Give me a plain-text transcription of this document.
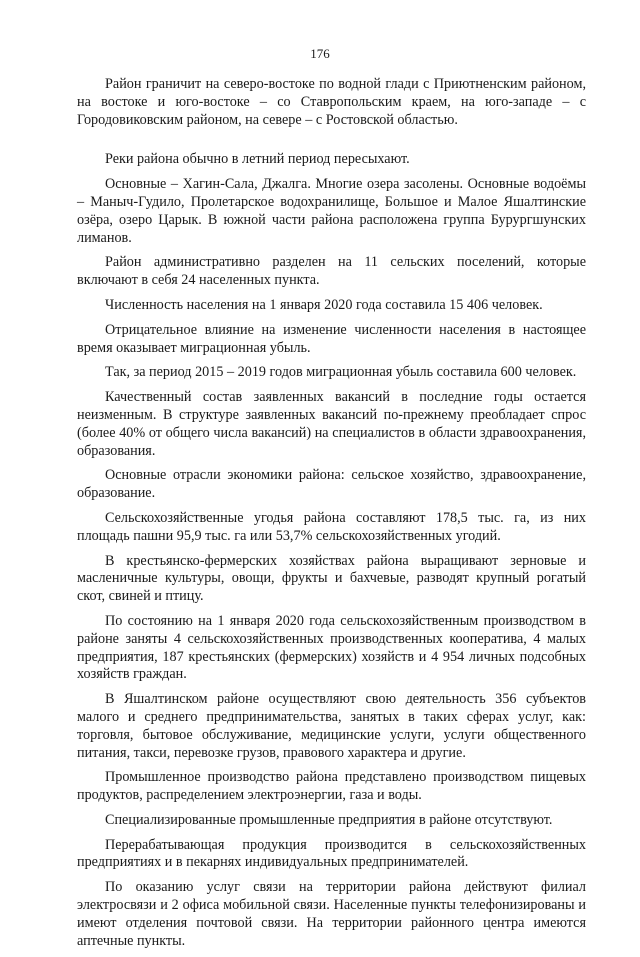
176

Район граничит на северо-востоке по водной глади с Приютненским районом, на востоке и юго-востоке – со Ставропольским краем, на юго-западе – с Городовиковским районом, на севере – с Ростовской областью.

Реки района обычно в летний период пересыхают.

Основные – Хагин-Сала, Джалга. Многие озера засолены. Основные водоёмы – Маныч-Гудило, Пролетарское водохранилище, Большое и Малое Яшалтинские озёра, озеро Царык. В южной части района расположена группа Бурургшунских лиманов.

Район административно разделен на 11 сельских поселений, которые включают в себя 24 населенных пункта.

Численность населения на 1 января 2020 года составила 15 406 человек.

Отрицательное влияние на изменение численности населения в настоящее время оказывает миграционная убыль.

Так, за период 2015 – 2019 годов миграционная убыль составила 600 человек.

Качественный состав заявленных вакансий в последние годы остается неизменным. В структуре заявленных вакансий по-прежнему преобладает спрос (более 40% от общего числа вакансий) на специалистов в области здравоохранения, образования.

Основные отрасли экономики района: сельское хозяйство, здравоохранение, образование.

Сельскохозяйственные угодья района составляют 178,5 тыс. га, из них площадь пашни 95,9 тыс. га или 53,7% сельскохозяйственных угодий.

В крестьянско-фермерских хозяйствах района выращивают зерновые и масленичные культуры, овощи, фрукты и бахчевые, разводят крупный рогатый скот, свиней и птицу.

По состоянию на 1 января 2020 года сельскохозяйственным производством в районе заняты 4 сельскохозяйственных производственных кооператива, 4 малых предприятия, 187 крестьянских (фермерских) хозяйств и 4 954 личных подсобных хозяйств граждан.

В Яшалтинском районе осуществляют свою деятельность 356 субъектов малого и среднего предпринимательства, занятых в таких сферах услуг, как: торговля, бытовое обслуживание, медицинские услуги, услуги общественного питания, такси, перевозке грузов, правового характера и другие.

Промышленное производство района представлено производством пищевых продуктов, распределением электроэнергии, газа и воды.

Специализированные промышленные предприятия в районе отсутствуют.

Перерабатывающая продукция производится в сельскохозяйственных предприятиях и в пекарнях индивидуальных предпринимателей.

По оказанию услуг связи на территории района действуют филиал электросвязи и 2 офиса мобильной связи. Населенные пункты телефонизированы и имеют отделения почтовой связи. На территории районного центра имеются аптечные пункты.
